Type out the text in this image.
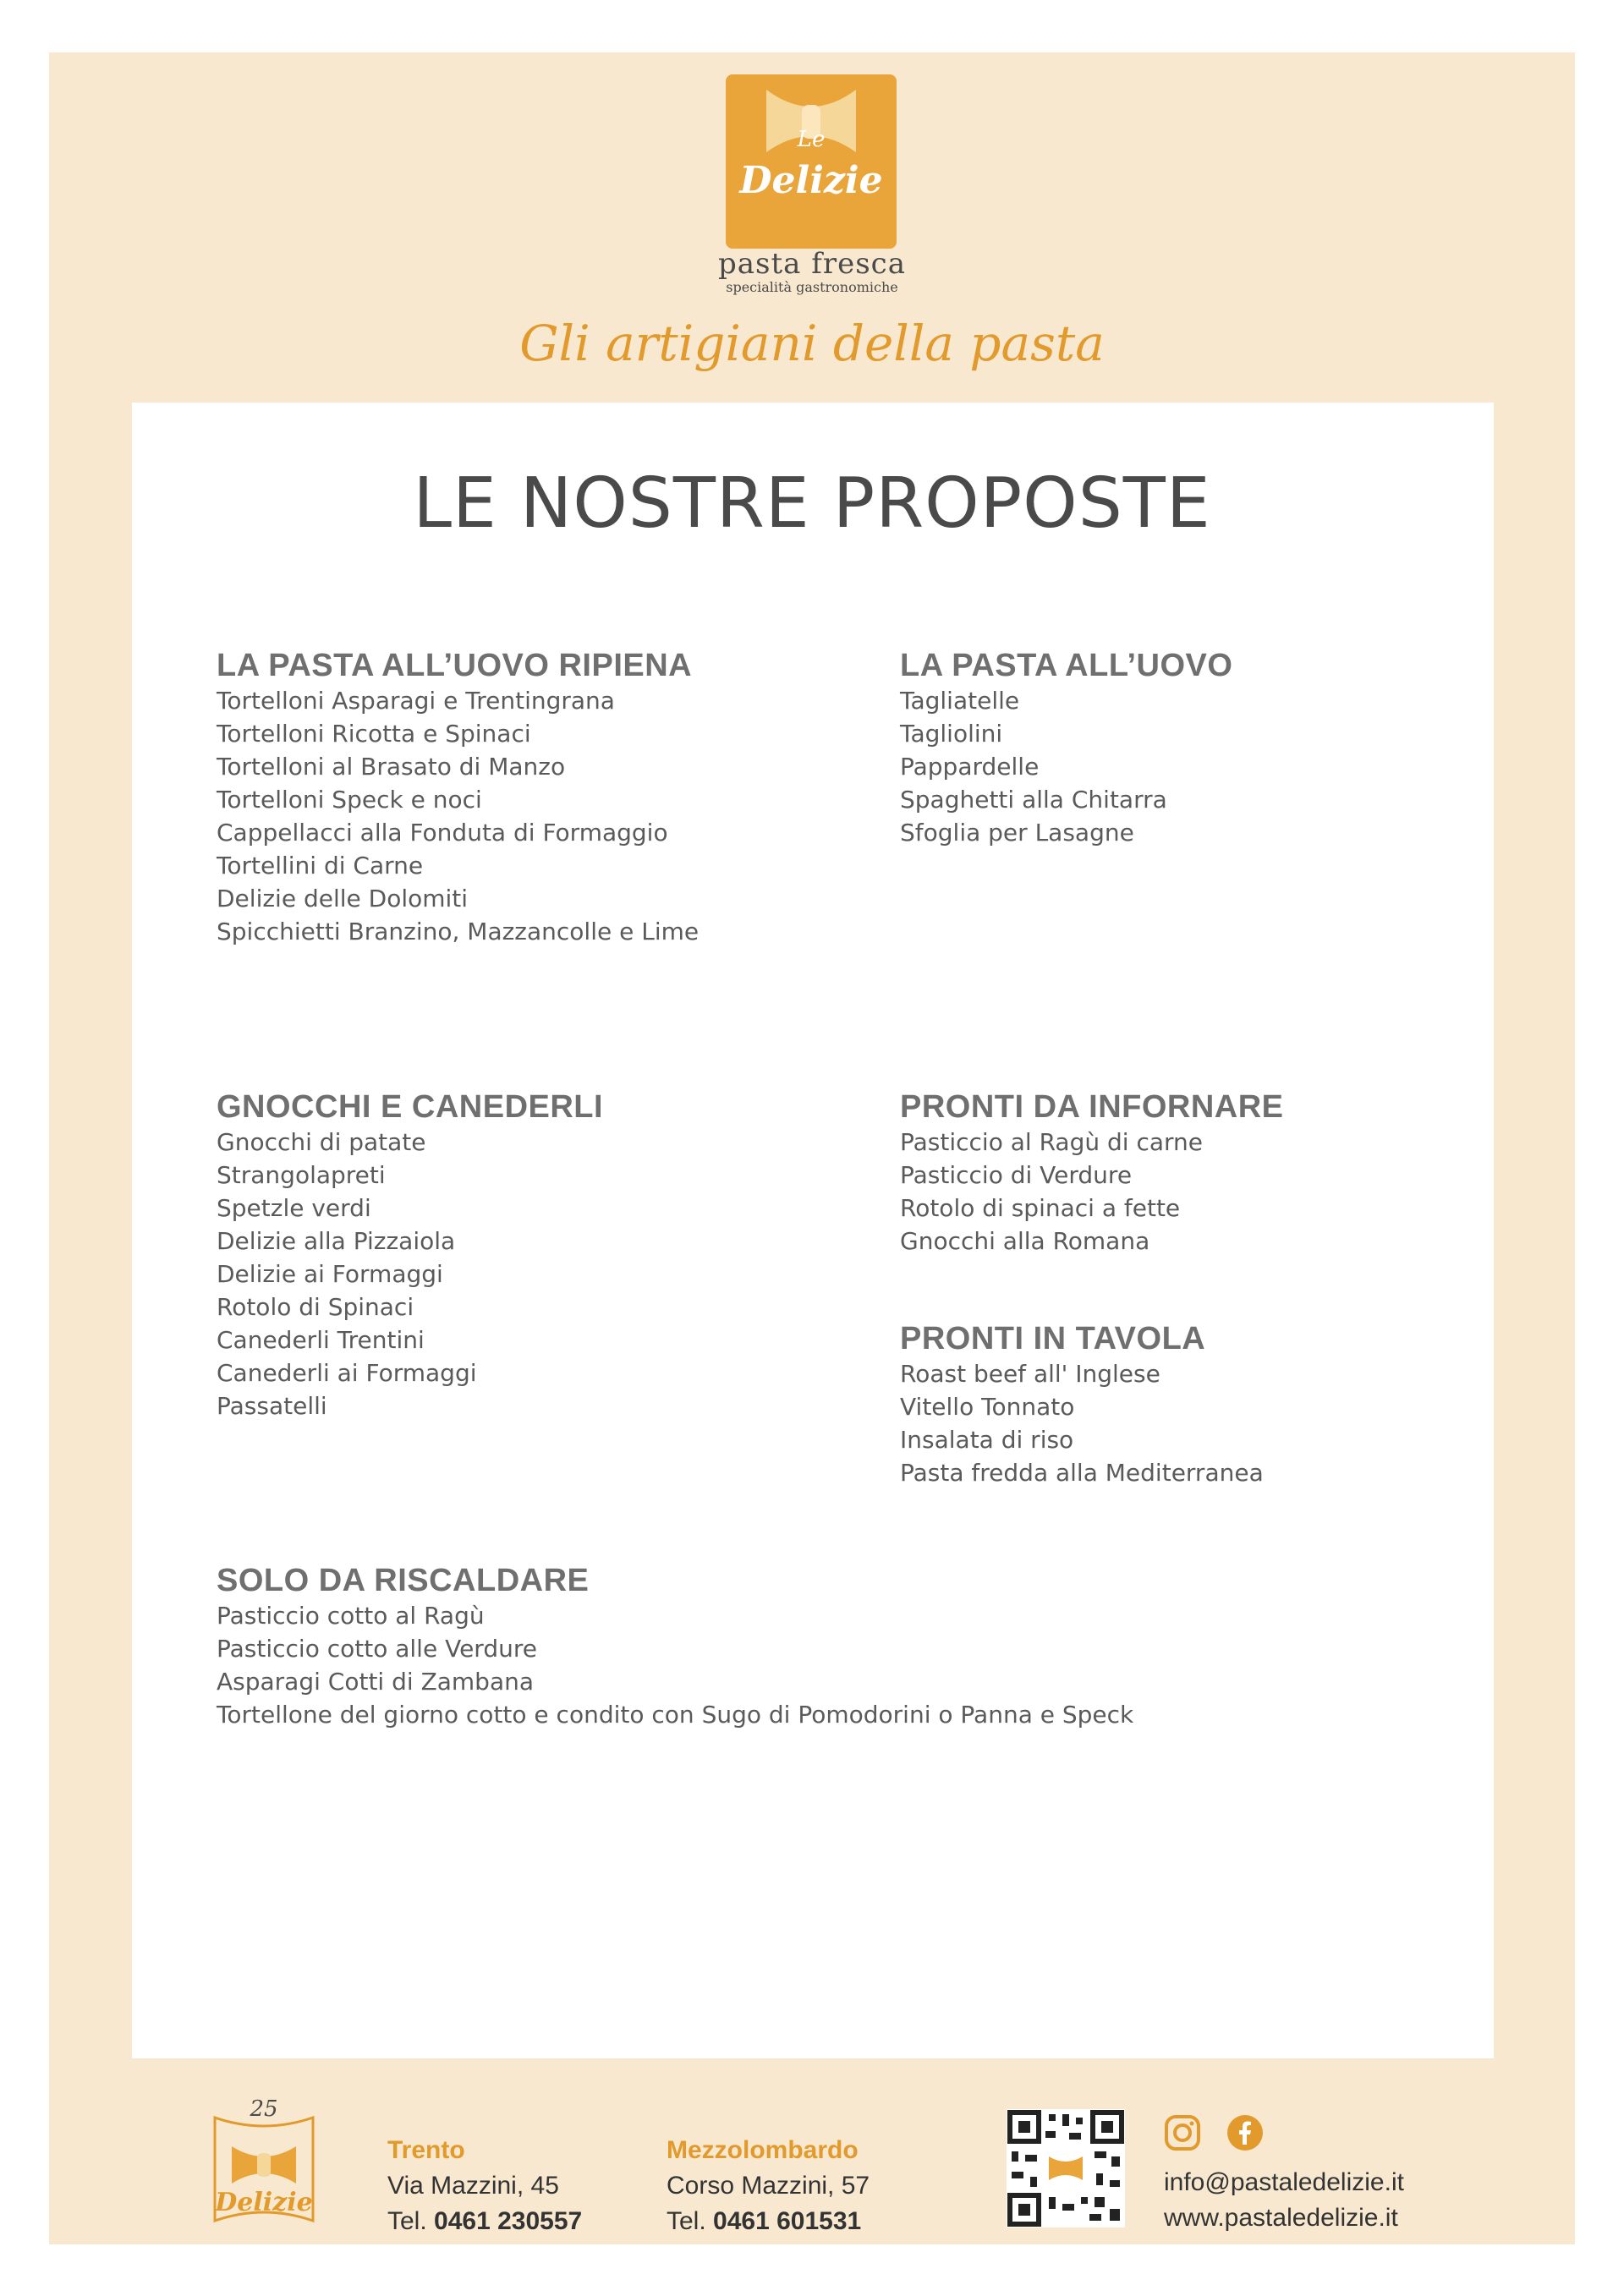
Le
Delizie
pasta fresca
specialità gastronomiche
Gli artigiani della pasta
LE NOSTRE PROPOSTE
LA PASTA ALL’UOVO RIPIENA
Tortelloni Asparagi e Trentingrana
Tortelloni Ricotta e Spinaci
Tortelloni al Brasato di Manzo
Tortelloni Speck e noci
Cappellacci alla Fonduta di Formaggio
Tortellini di Carne
Delizie delle Dolomiti
Spicchietti Branzino, Mazzancolle e Lime
LA PASTA ALL’UOVO
Tagliatelle
Tagliolini
Pappardelle
Spaghetti alla Chitarra
Sfoglia per Lasagne
GNOCCHI E CANEDERLI
Gnocchi di patate
Strangolapreti
Spetzle verdi
Delizie alla Pizzaiola
Delizie ai Formaggi
Rotolo di Spinaci
Canederli Trentini
Canederli ai Formaggi
Passatelli
PRONTI DA INFORNARE
Pasticcio al Ragù di carne
Pasticcio di Verdure
Rotolo di spinaci a fette
Gnocchi alla Romana
PRONTI IN TAVOLA
Roast beef all' Inglese
Vitello Tonnato
Insalata di riso
Pasta fredda alla Mediterranea
SOLO DA RISCALDARE
Pasticcio cotto al Ragù
Pasticcio cotto alle Verdure
Asparagi Cotti di Zambana
Tortellone del giorno cotto e condito con Sugo di Pomodorini o Panna e Speck
25
Delizie
Trento
Via Mazzini, 45
Tel. 0461 230557
Mezzolombardo
Corso Mazzini, 57
Tel. 0461 601531
info@pastaledelizie.it
www.pastaledelizie.it
